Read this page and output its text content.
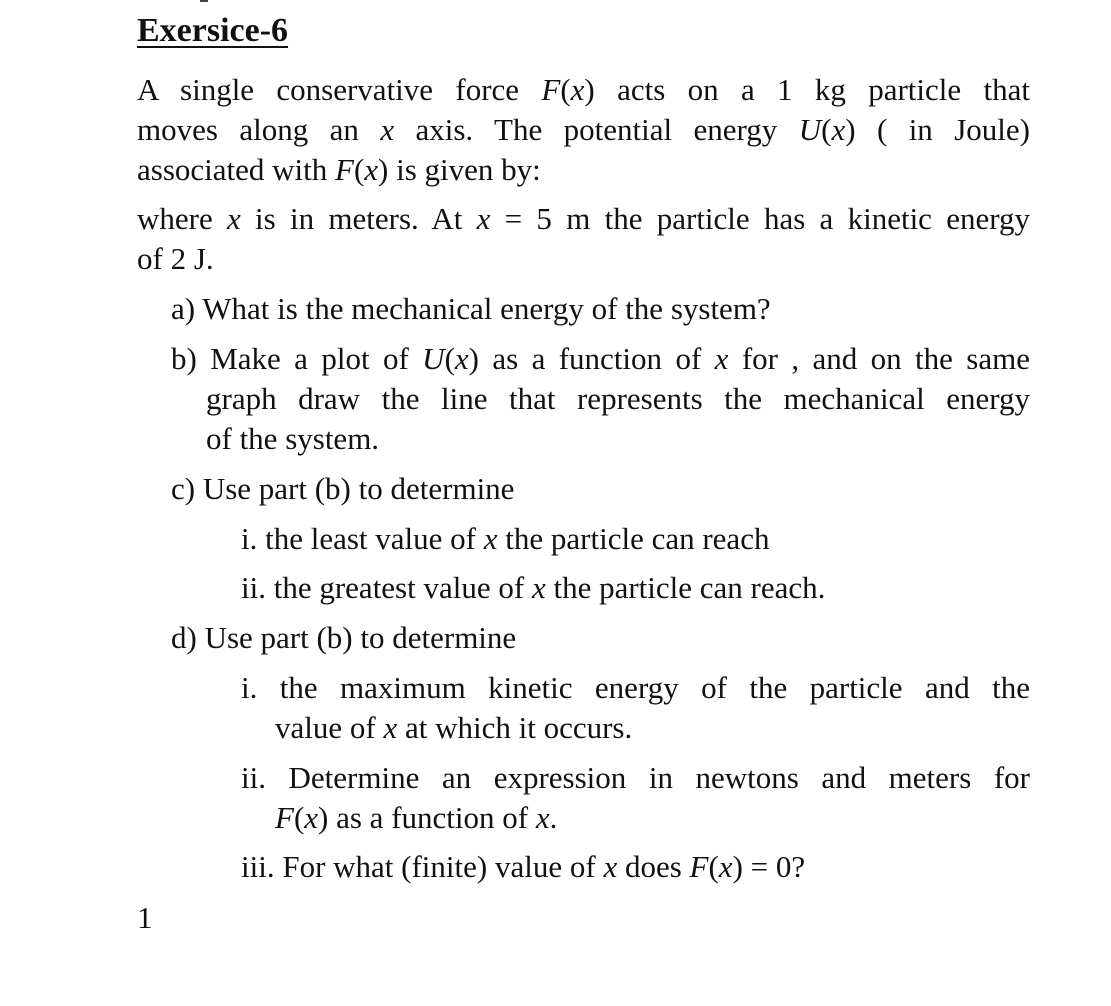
Exersice-6
A single conservative force F(x) acts on a 1 kg particle that
moves along an x axis. The potential energy U(x) ( in Joule)
associated with F(x) is given by:
where x is in meters. At x = 5 m the particle has a kinetic energy
of 2 J.
a) What is the mechanical energy of the system?
b) Make a plot of U(x) as a function of x for , and on the same
graph draw the line that represents the mechanical energy
of the system.
c) Use part (b) to determine
i. the least value of x the particle can reach
ii. the greatest value of x the particle can reach.
d) Use part (b) to determine
i. the maximum kinetic energy of the particle and the
value of x at which it occurs.
ii. Determine an expression in newtons and meters for
F(x) as a function of x.
iii. For what (finite) value of x does F(x) = 0?
1
